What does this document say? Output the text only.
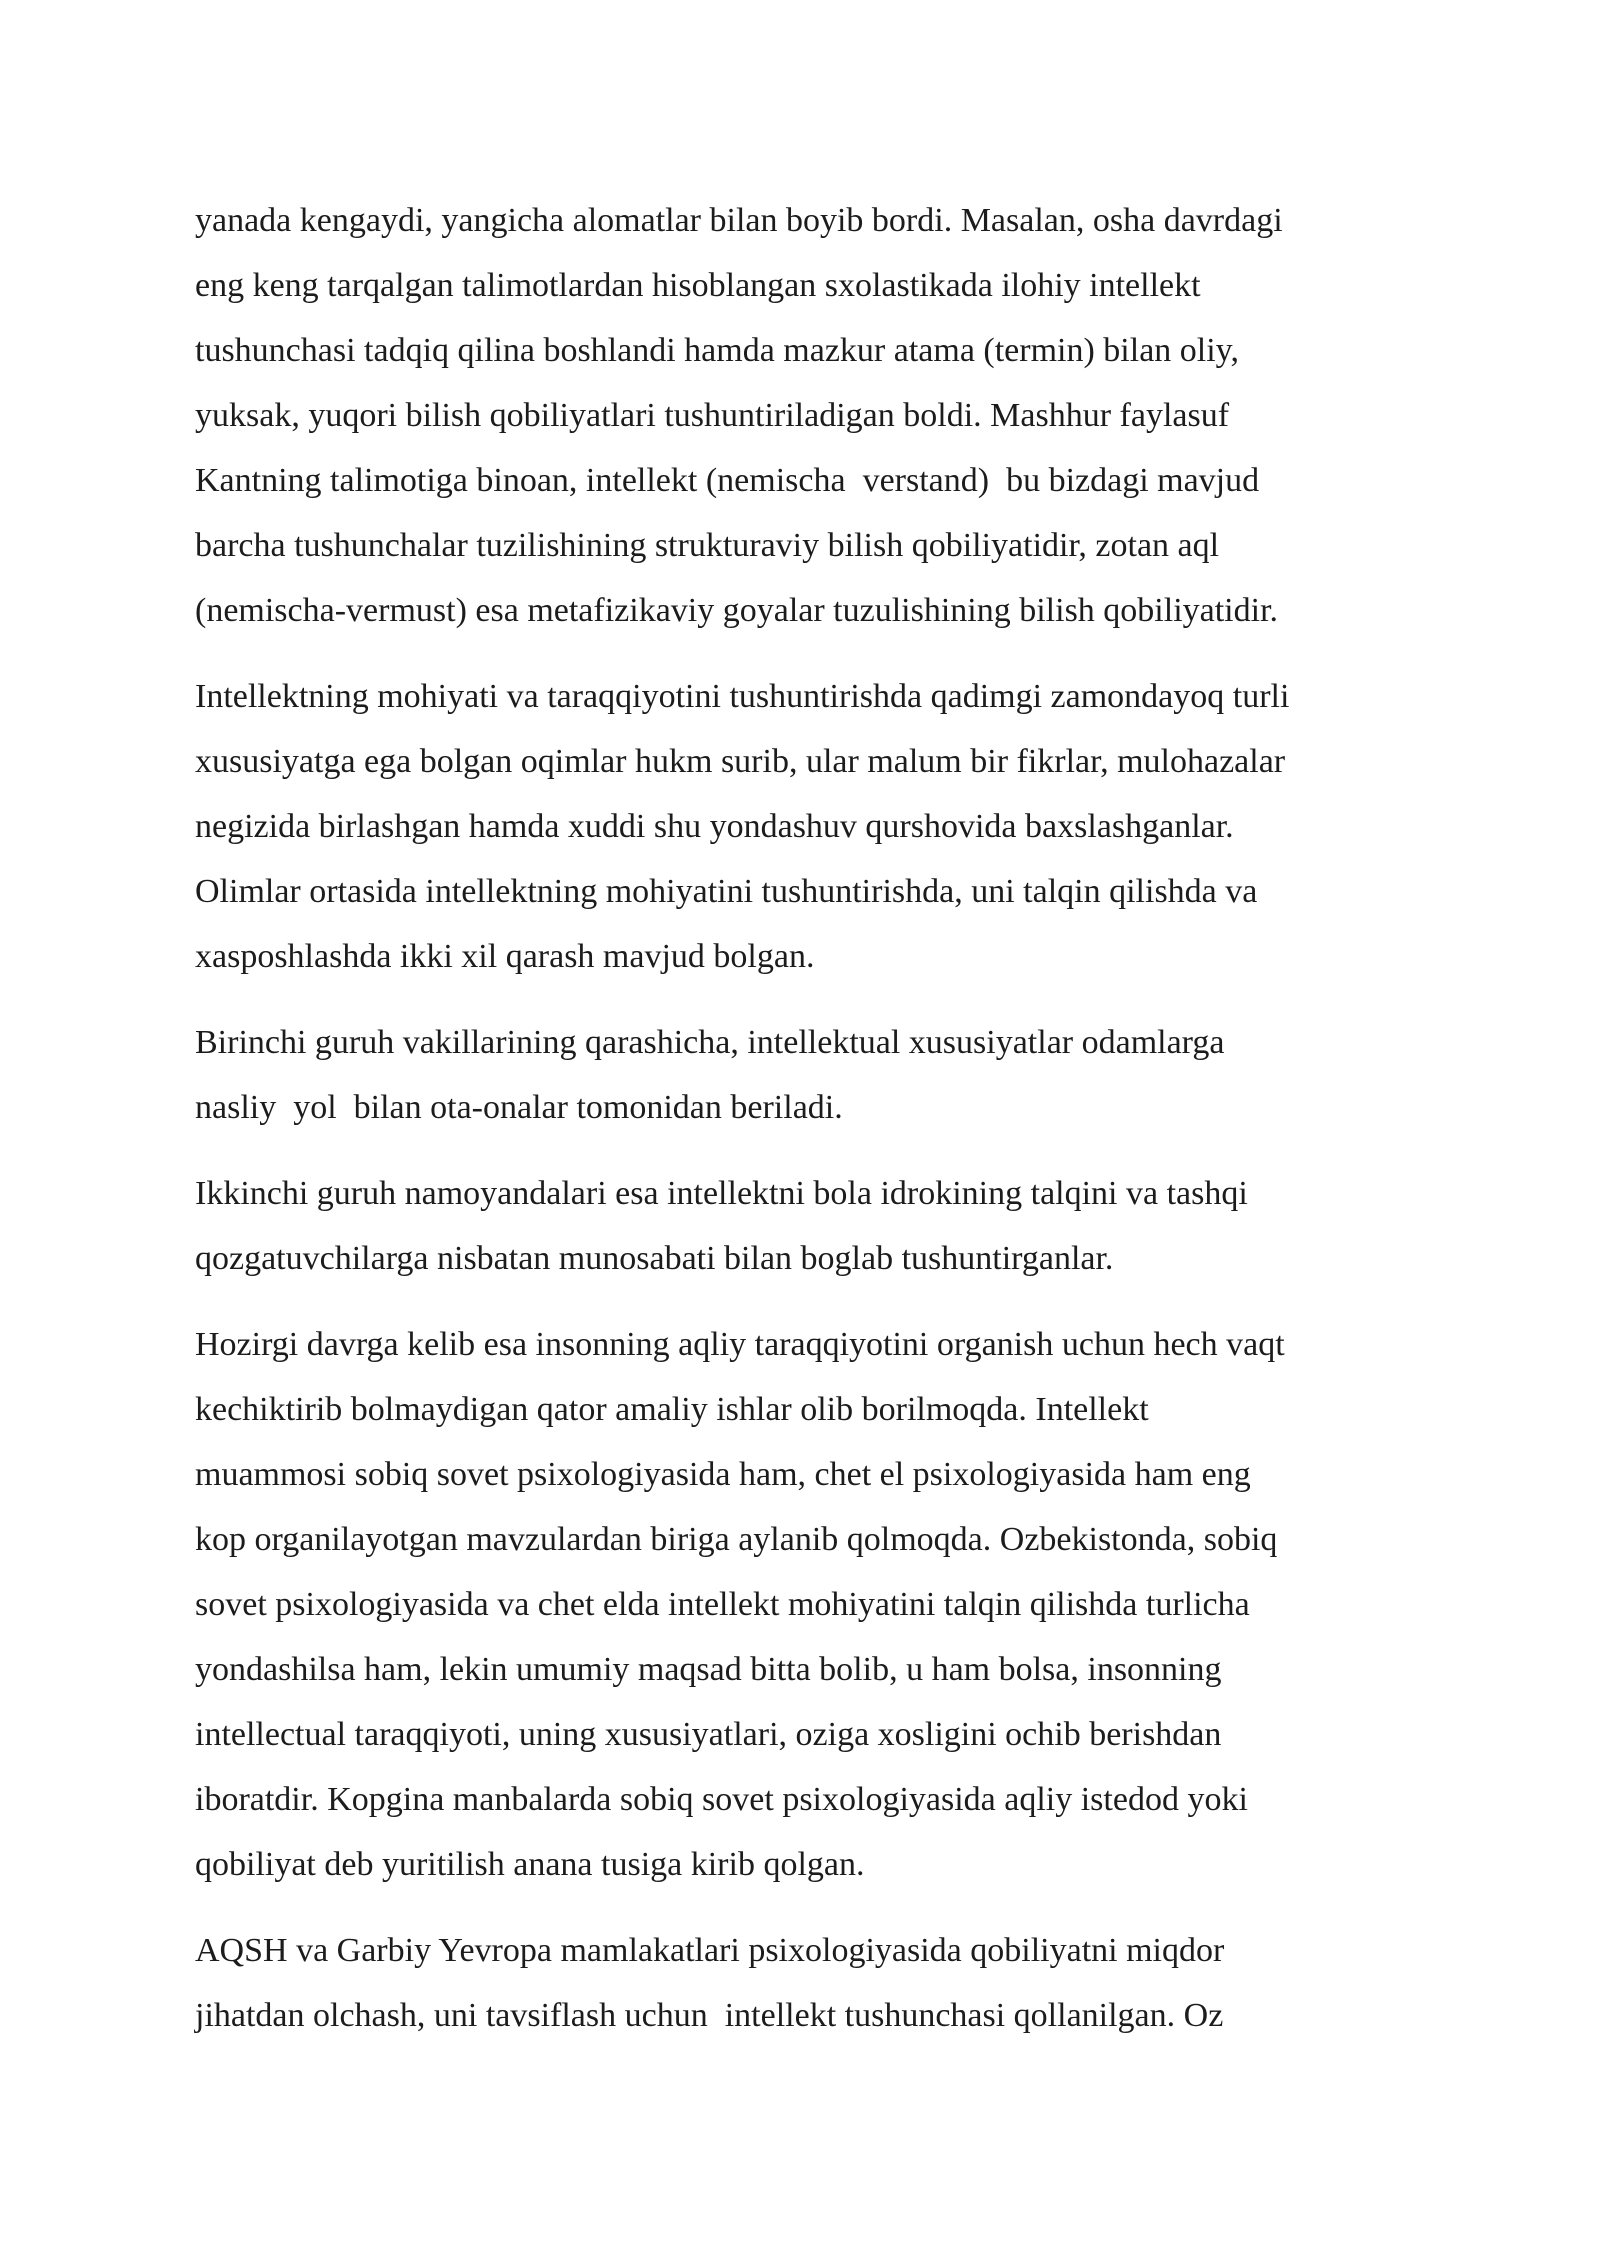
yanada kengaydi, yangicha alomatlar bilan boyib bordi. Masalan, osha davrdagi
eng keng tarqalgan talimotlardan hisoblangan sxolastikada ilohiy intellekt
tushunchasi tadqiq qilina boshlandi hamda mazkur atama (termin) bilan oliy,
yuksak, yuqori bilish qobiliyatlari tushuntiriladigan boldi. Mashhur faylasuf
Kantning talimotiga binoan, intellekt (nemischa  verstand)  bu bizdagi mavjud
barcha tushunchalar tuzilishining strukturaviy bilish qobiliyatidir, zotan aql
(nemischa-vermust) esa metafizikaviy goyalar tuzulishining bilish qobiliyatidir.

Intellektning mohiyati va taraqqiyotini tushuntirishda qadimgi zamondayoq turli
xususiyatga ega bolgan oqimlar hukm surib, ular malum bir fikrlar, mulohazalar
negizida birlashgan hamda xuddi shu yondashuv qurshovida baxslashganlar.
Olimlar ortasida intellektning mohiyatini tushuntirishda, uni talqin qilishda va
xasposhlashda ikki xil qarash mavjud bolgan.

Birinchi guruh vakillarining qarashicha, intellektual xususiyatlar odamlarga
nasliy  yol  bilan ota-onalar tomonidan beriladi.

Ikkinchi guruh namoyandalari esa intellektni bola idrokining talqini va tashqi
qozgatuvchilarga nisbatan munosabati bilan boglab tushuntirganlar.

Hozirgi davrga kelib esa insonning aqliy taraqqiyotini organish uchun hech vaqt
kechiktirib bolmaydigan qator amaliy ishlar olib borilmoqda. Intellekt
muammosi sobiq sovet psixologiyasida ham, chet el psixologiyasida ham eng
kop organilayotgan mavzulardan biriga aylanib qolmoqda. Ozbekistonda, sobiq
sovet psixologiyasida va chet elda intellekt mohiyatini talqin qilishda turlicha
yondashilsa ham, lekin umumiy maqsad bitta bolib, u ham bolsa, insonning
intellectual taraqqiyoti, uning xususiyatlari, oziga xosligini ochib berishdan
iboratdir. Kopgina manbalarda sobiq sovet psixologiyasida aqliy istedod yoki
qobiliyat deb yuritilish anana tusiga kirib qolgan.

AQSH va Garbiy Yevropa mamlakatlari psixologiyasida qobiliyatni miqdor
jihatdan olchash, uni tavsiflash uchun  intellekt tushunchasi qollanilgan. Oz
